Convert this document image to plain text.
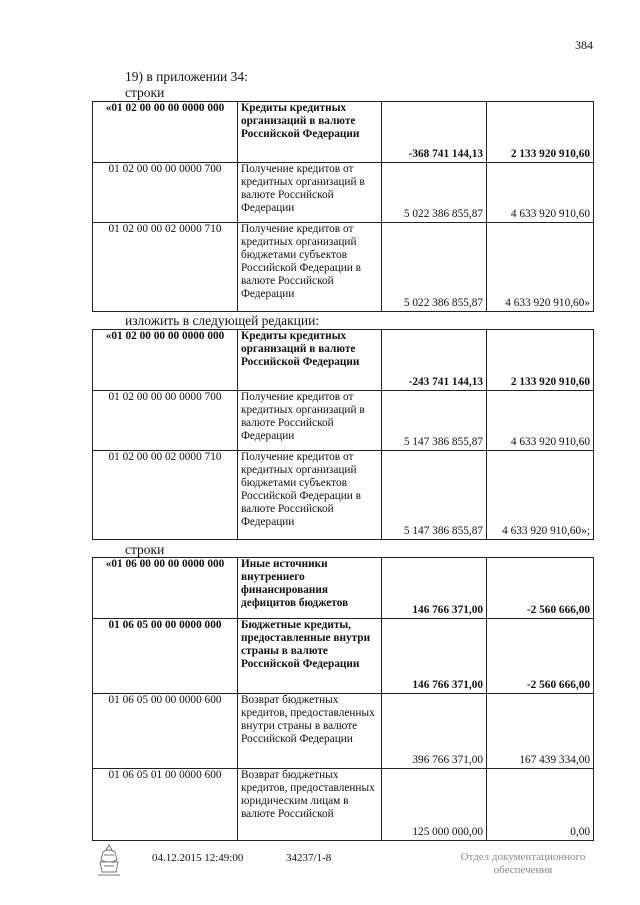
384
19) в приложении 34:
строки
«01 02 00 00 00 0000 000	Кредиты кредитных организаций в валюте Российской Федерации	-368 741 144,13	2 133 920 910,60
01 02 00 00 00 0000 700	Получение кредитов от кредитных организаций в валюте Российской Федерации	5 022 386 855,87	4 633 920 910,60
01 02 00 00 02 0000 710	Получение кредитов от кредитных организаций бюджетами субъектов Российской Федерации в валюте Российской Федерации	5 022 386 855,87	4 633 920 910,60»
изложить в следующей редакции:
«01 02 00 00 00 0000 000	Кредиты кредитных организаций в валюте Российской Федерации	-243 741 144,13	2 133 920 910,60
01 02 00 00 00 0000 700	Получение кредитов от кредитных организаций в валюте Российской Федерации	5 147 386 855,87	4 633 920 910,60
01 02 00 00 02 0000 710	Получение кредитов от кредитных организаций бюджетами субъектов Российской Федерации в валюте Российской Федерации	5 147 386 855,87	4 633 920 910,60»;
строки
«01 06 00 00 00 0000 000	Иные источники внутреннего финансирования дефицитов бюджетов	146 766 371,00	-2 560 666,00
01 06 05 00 00 0000 000	Бюджетные кредиты, предоставленные внутри страны в валюте Российской Федерации	146 766 371,00	-2 560 666,00
01 06 05 00 00 0000 600	Возврат бюджетных кредитов, предоставленных внутри страны в валюте Российской Федерации	396 766 371,00	167 439 334,00
01 06 05 01 00 0000 600	Возврат бюджетных кредитов, предоставленных юридическим лицам в валюте Российской	125 000 000,00	0,00
04.12.2015 12:49:00	34237/1-8	Отдел документационного обеспечения
